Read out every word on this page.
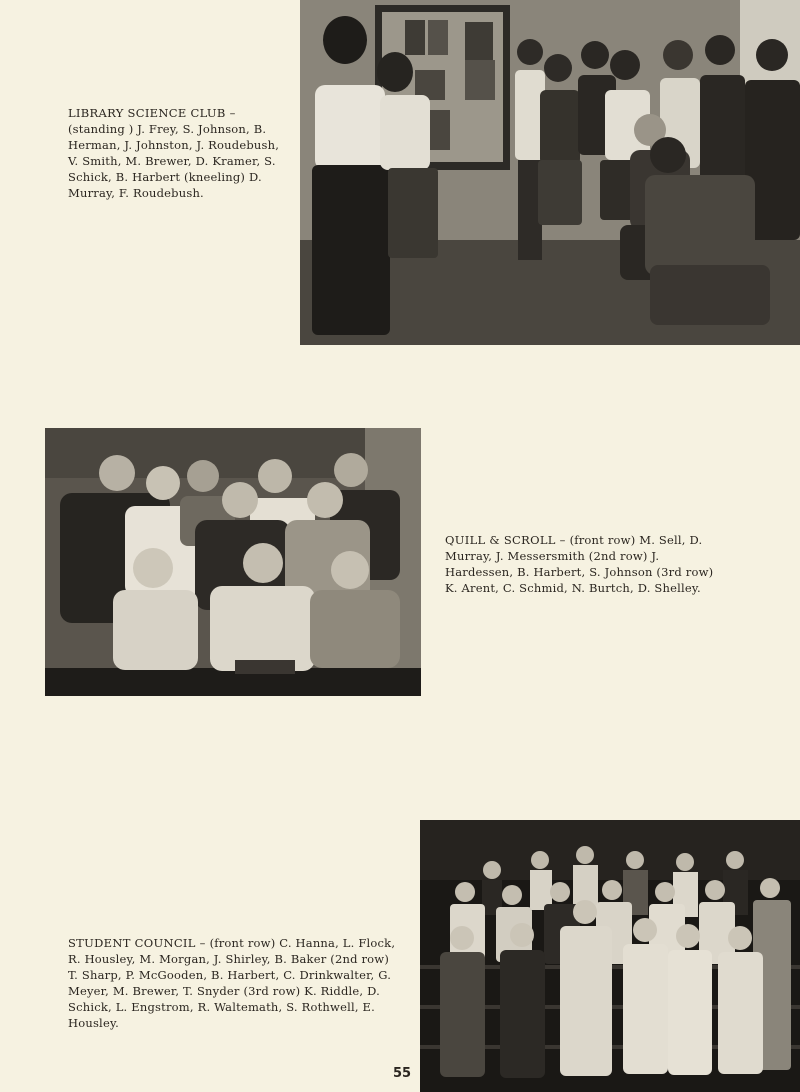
LIBRARY SCIENCE CLUB – (standing ) J. Frey, S. Johnson, B. Herman, J. Johnston, J. Roudebush, V. Smith, M. Brewer, D. Kramer, S. Schick, B. Harbert (kneeling) D. Murray, F. Roudebush.
QUILL & SCROLL – (front row) M. Sell, D. Murray, J. Messersmith (2nd row) J. Hardessen, B. Harbert, S. Johnson (3rd row) K. Arent, C. Schmid, N. Burtch, D. Shelley.
STUDENT COUNCIL – (front row) C. Hanna, L. Flock, R. Housley, M. Morgan, J. Shirley, B. Baker (2nd row) T. Sharp, P. McGooden, B. Harbert, C. Drinkwalter, G. Meyer, M. Brewer, T. Snyder (3rd row) K. Riddle, D. Schick, L. Engstrom, R. Waltemath, S. Rothwell, E. Housley.
55
